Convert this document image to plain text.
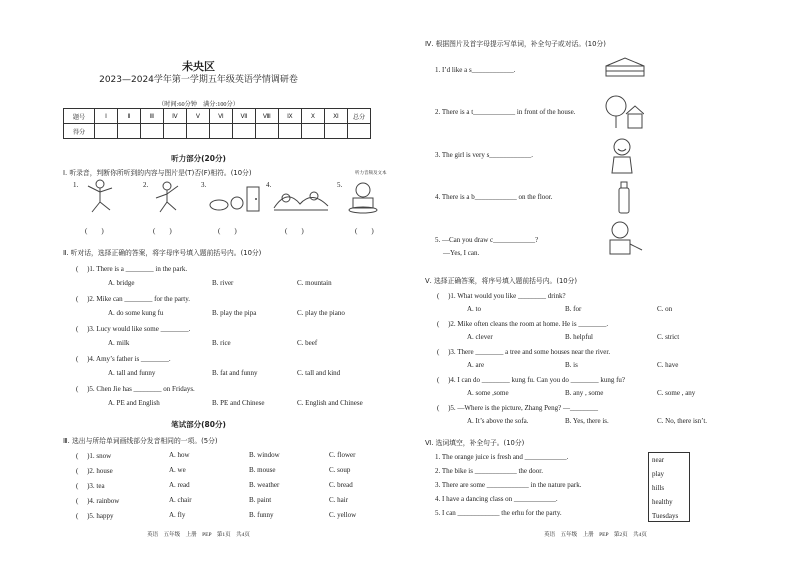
未央区
2023—2024学年第一学期五年级英语学情调研卷
（时间:60分钟　满分:100分）
题号	Ⅰ	Ⅱ	Ⅲ	Ⅳ	Ⅴ	Ⅵ	Ⅶ	Ⅷ	Ⅸ	Ⅹ	Ⅺ	总分
得分												
听力部分(20分)
Ⅰ. 听录音，判断你所听到的内容与图片是(T)否(F)相符。(10分)	听力音频及文本
1.	2.	3.	4.	5.
(　　)	(　　)	(　　)	(　　)	(　　)
Ⅱ. 听对话，选择正确的答案，将字母序号填入题前括号内。(10分)
( 　)1. There is a ________ in the park.
A. bridge	B. river	C. mountain
( 　)2. Mike can ________ for the party.
A. do some kung fu	B. play the pipa	C. play the piano
( 　)3. Lucy would like some ________.
A. milk	B. rice	C. beef
( 　)4. Amy’s father is ________.
A. tall and funny	B. fat and funny	C. tall and kind
( 　)5. Chen Jie has ________ on Fridays.
A. PE and English	B. PE and Chinese	C. English and Chinese
笔试部分(80分)
Ⅲ. 选出与所给单词画线部分发音相同的一项。(5分)
( 　)1. snow	A. how	B. window	C. flower
( 　)2. house	A. we	B. mouse	C. soup
( 　)3. tea	A. read	B. weather	C. bread
( 　)4. rainbow	A. chair	B. paint	C. hair
( 　)5. happy	A. fly	B. funny	C. yellow
英语　五年级　上册　PEP　第1页　共4页
Ⅳ. 根据图片及首字母提示写单词，补全句子或对话。(10分)
1. I’d like a s____________.
2. There is a t____________ in front of the house.
3. The girl is very s____________.
4. There is a b____________ on the floor.
5. —Can you draw c____________?
—Yes, I can.
Ⅴ. 选择正确答案，将序号填入题前括号内。(10分)
( 　)1. What would you like ________ drink?
A. to	B. for	C. on
( 　)2. Mike often cleans the room at home. He is ________.
A. clever	B. helpful	C. strict
( 　)3. There ________ a tree and some houses near the river.
A. are	B. is	C. have
( 　)4. I can do ________ kung fu. Can you do ________ kung fu?
A. some ,some	B. any , some	C. some , any
( 　)5. —Where is the picture, Zhang Peng? —________
A. It’s above the sofa.	B. Yes, there is.	C. No, there isn’t.
Ⅵ. 选词填空，补全句子。(10分)
1. The orange juice is fresh and ____________.
2. The bike is ____________ the door.
3. There are some ____________ in the nature park.
4. I have a dancing class on ____________.
5. I can ____________ the erhu for the party.
near
play
hills
healthy
Tuesdays
英语　五年级　上册　PEP　第2页　共4页
